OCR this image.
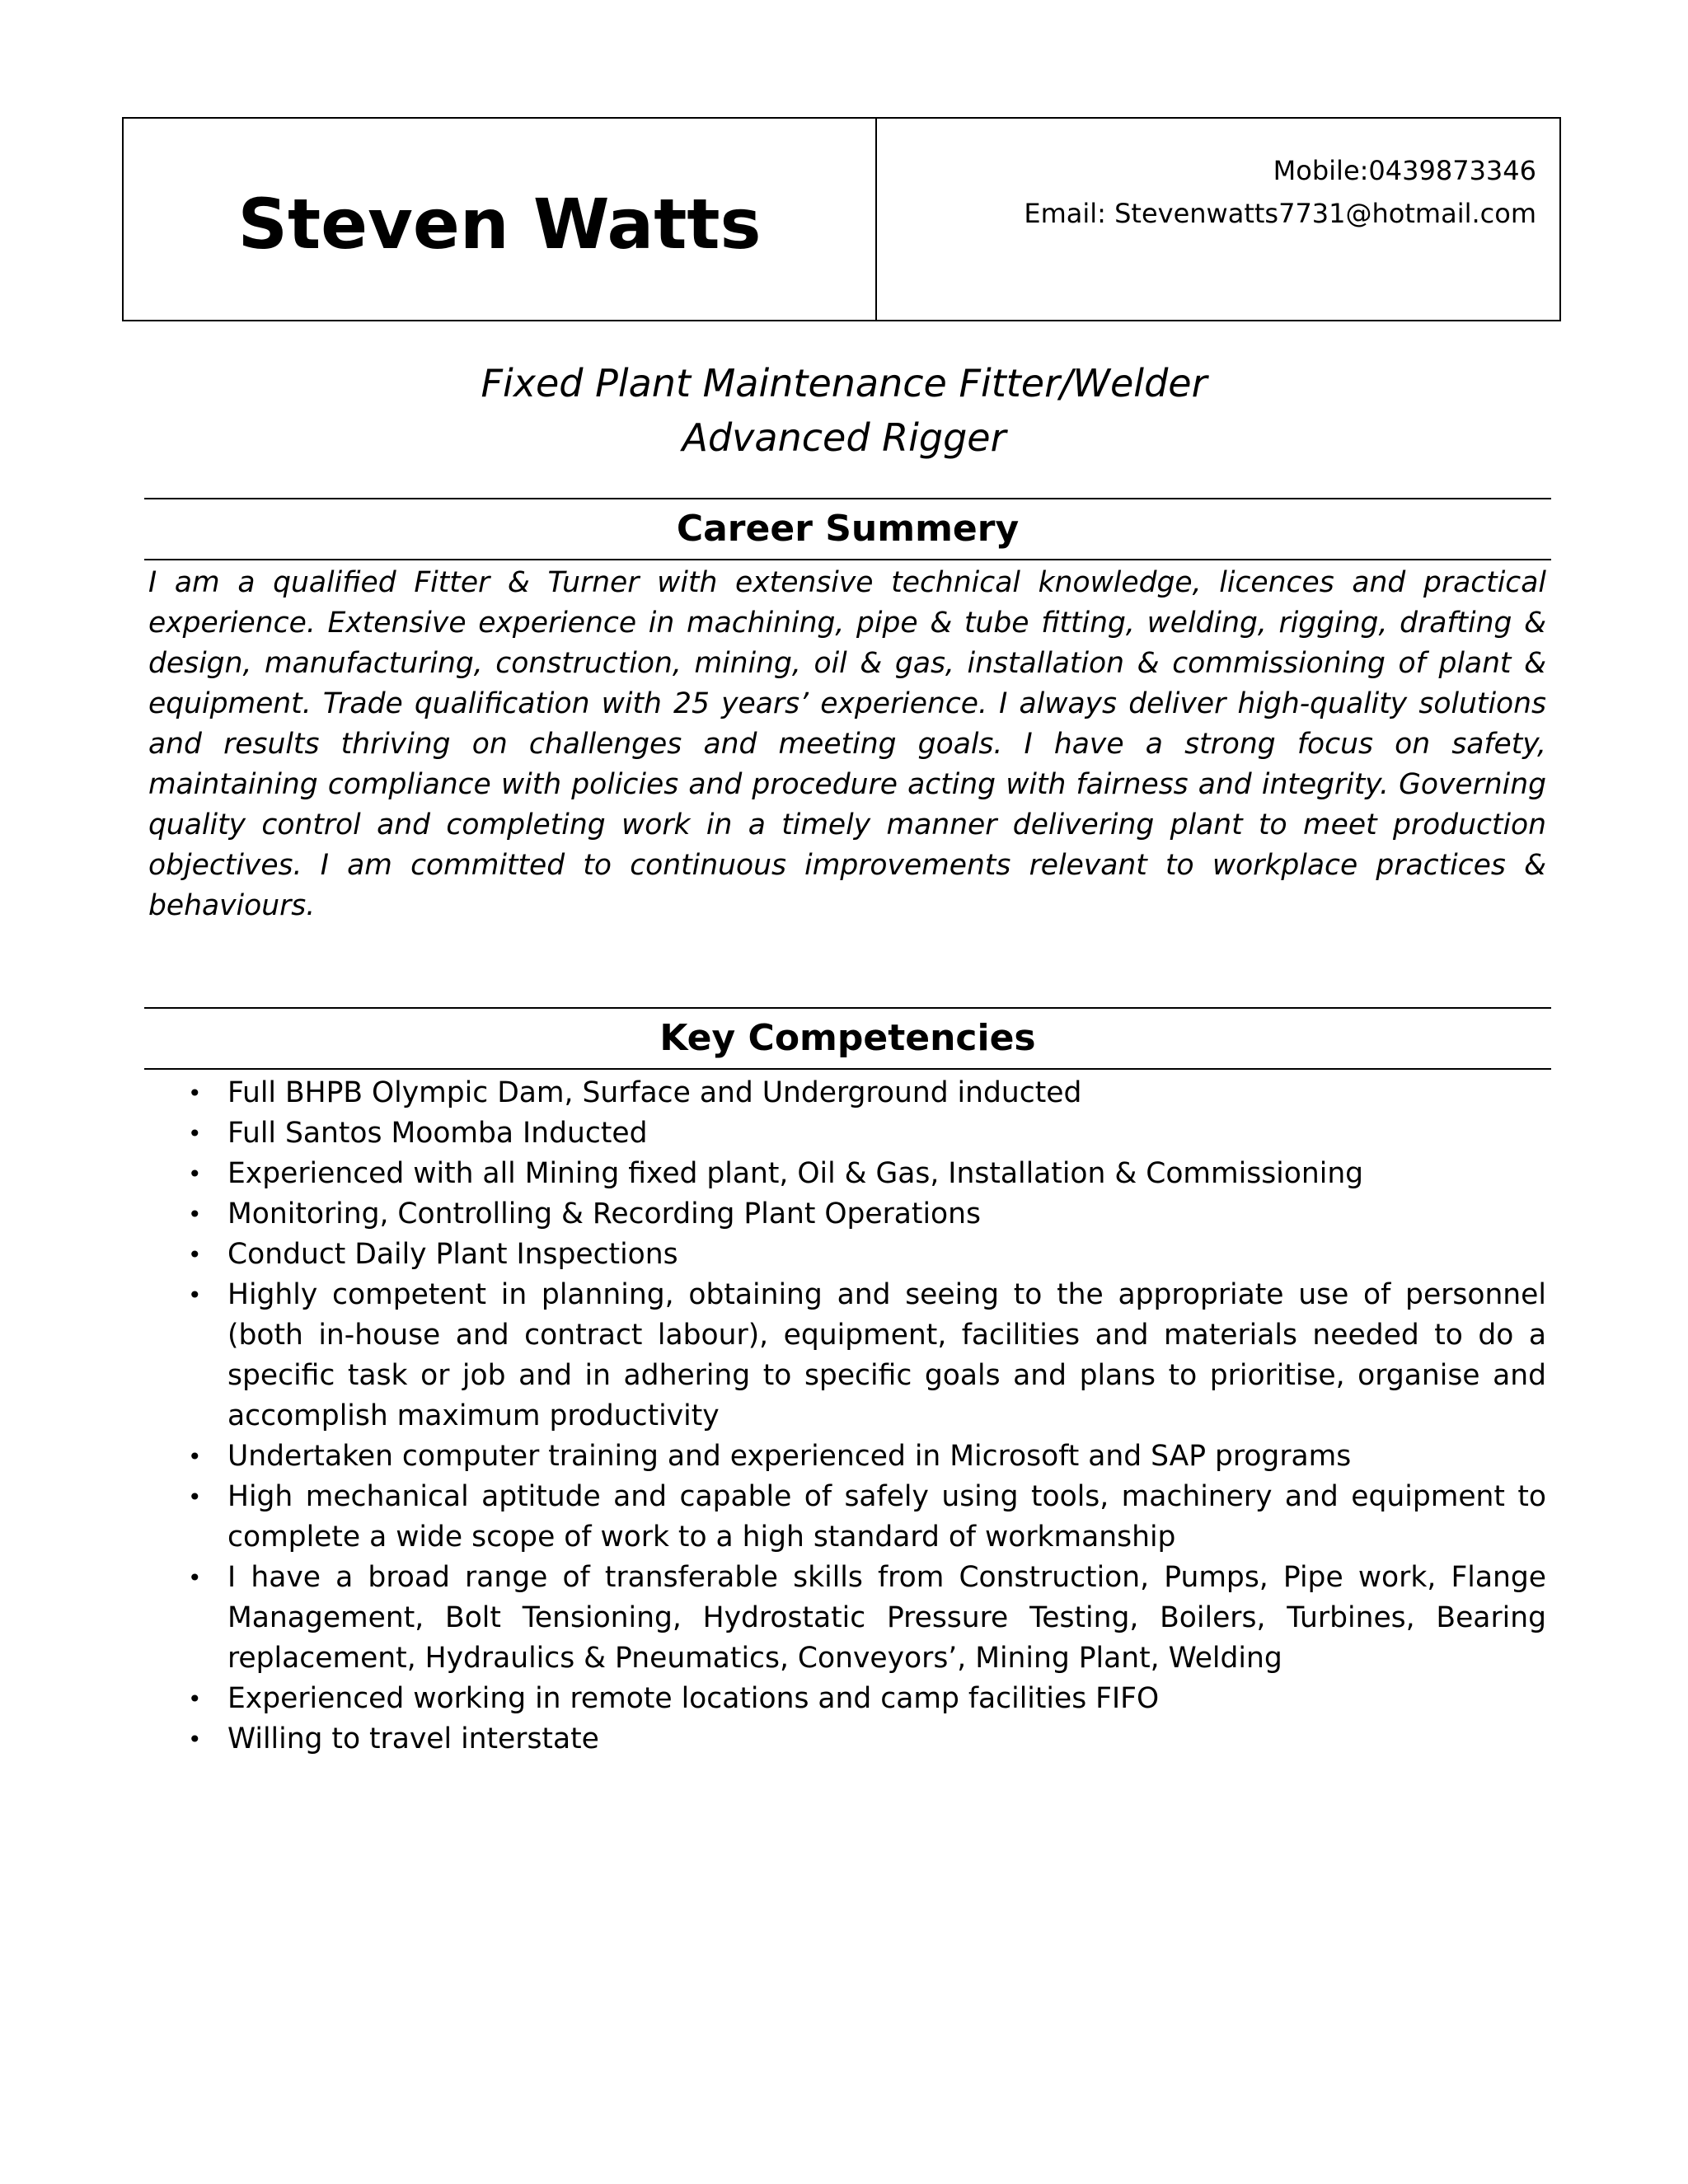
Steven Watts
Mobile:0439873346
Email: Stevenwatts7731@hotmail.com
Fixed Plant Maintenance Fitter/Welder
Advanced Rigger
Career Summery
I am a qualified Fitter & Turner with extensive technical knowledge, licences and practical experience. Extensive experience in machining, pipe & tube fitting, welding, rigging, drafting & design, manufacturing, construction, mining, oil & gas, installation & commissioning of plant & equipment. Trade qualification with 25 years’ experience. I always deliver high-quality solutions and results thriving on challenges and meeting goals. I have a strong focus on safety, maintaining compliance with policies and procedure acting with fairness and integrity. Governing quality control and completing work in a timely manner delivering plant to meet production objectives. I am committed to continuous improvements relevant to workplace practices & behaviours.
Key Competencies
• Full BHPB Olympic Dam, Surface and Underground inducted
• Full Santos Moomba Inducted
• Experienced with all Mining fixed plant, Oil & Gas, Installation & Commissioning
• Monitoring, Controlling & Recording Plant Operations
• Conduct Daily Plant Inspections
• Highly competent in planning, obtaining and seeing to the appropriate use of personnel (both in-house and contract labour), equipment, facilities and materials needed to do a specific task or job and in adhering to specific goals and plans to prioritise, organise and accomplish maximum productivity
• Undertaken computer training and experienced in Microsoft and SAP programs
• High mechanical aptitude and capable of safely using tools, machinery and equipment to complete a wide scope of work to a high standard of workmanship
• I have a broad range of transferable skills from Construction, Pumps, Pipe work, Flange Management, Bolt Tensioning, Hydrostatic Pressure Testing, Boilers, Turbines, Bearing replacement, Hydraulics & Pneumatics, Conveyors’, Mining Plant, Welding
• Experienced working in remote locations and camp facilities FIFO
• Willing to travel interstate
